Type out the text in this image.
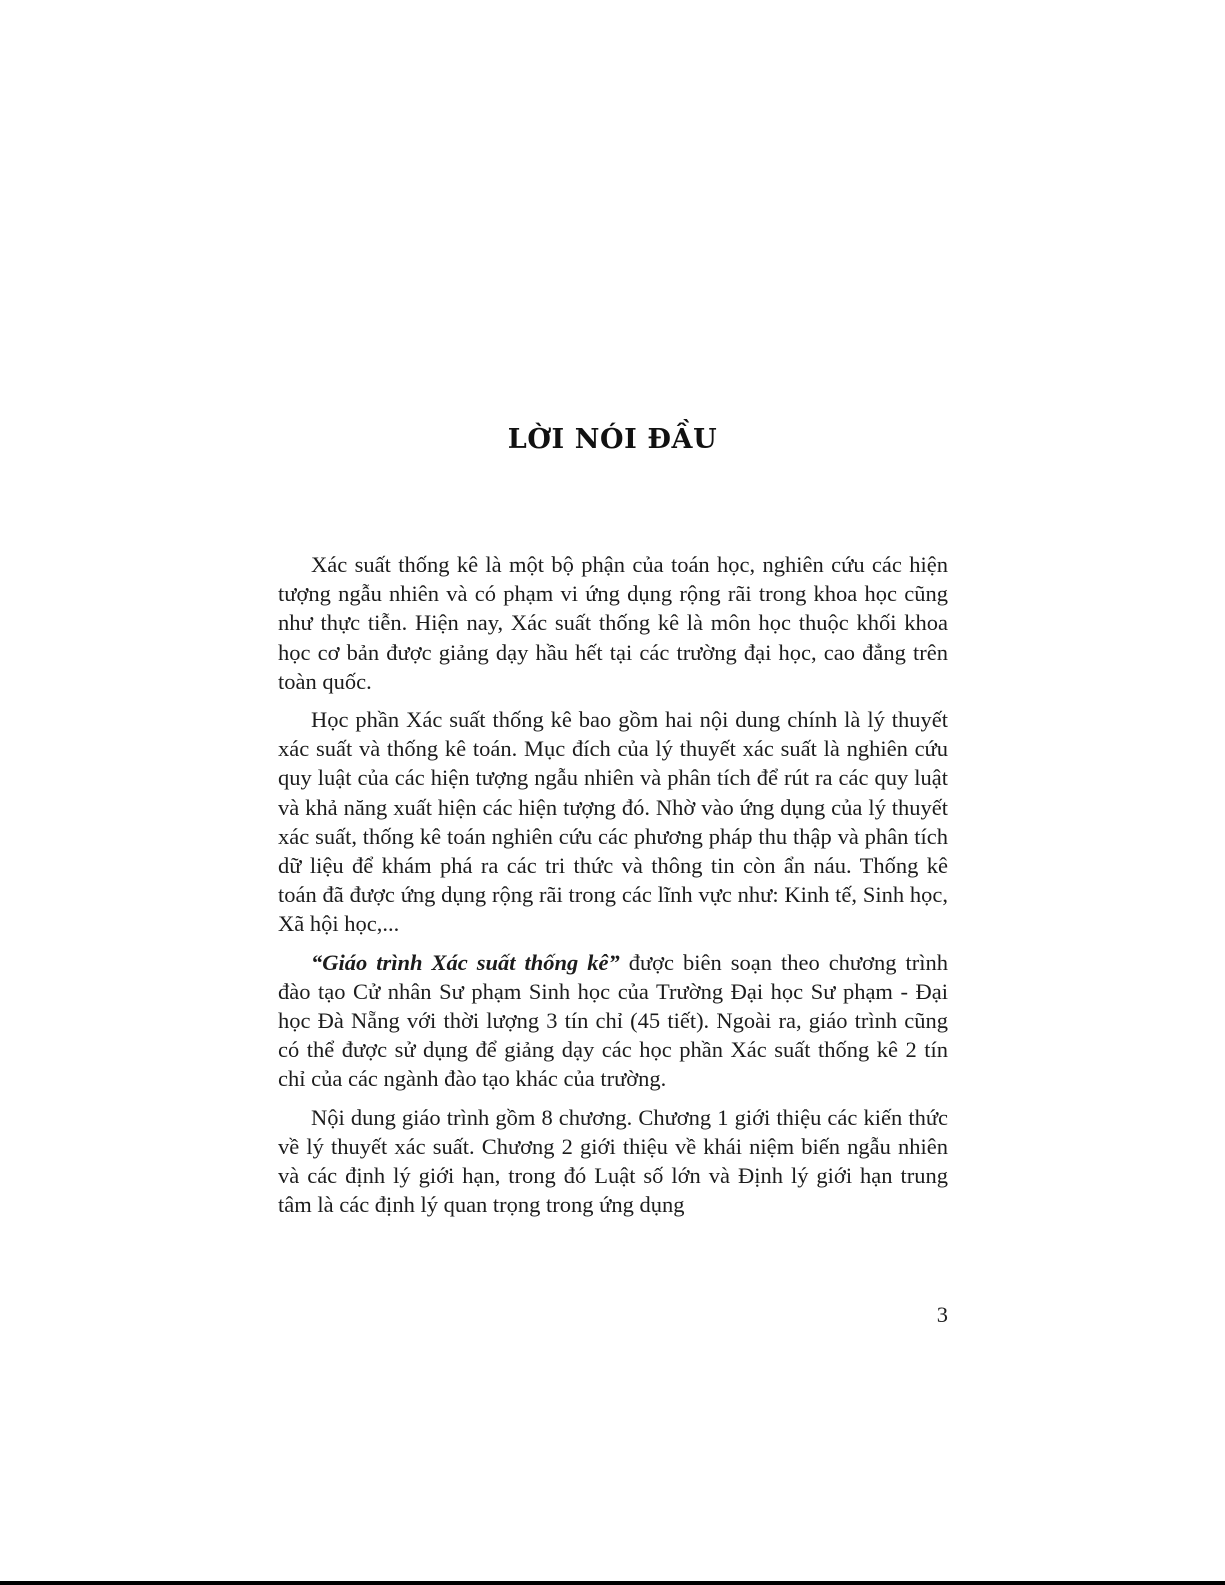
LỜI NÓI ĐẦU

Xác suất thống kê là một bộ phận của toán học, nghiên cứu các hiện tượng ngẫu nhiên và có phạm vi ứng dụng rộng rãi trong khoa học cũng như thực tiễn. Hiện nay, Xác suất thống kê là môn học thuộc khối khoa học cơ bản được giảng dạy hầu hết tại các trường đại học, cao đẳng trên toàn quốc.

Học phần Xác suất thống kê bao gồm hai nội dung chính là lý thuyết xác suất và thống kê toán. Mục đích của lý thuyết xác suất là nghiên cứu quy luật của các hiện tượng ngẫu nhiên và phân tích để rút ra các quy luật và khả năng xuất hiện các hiện tượng đó. Nhờ vào ứng dụng của lý thuyết xác suất, thống kê toán nghiên cứu các phương pháp thu thập và phân tích dữ liệu để khám phá ra các tri thức và thông tin còn ẩn náu. Thống kê toán đã được ứng dụng rộng rãi trong các lĩnh vực như: Kinh tế, Sinh học, Xã hội học,...

“Giáo trình Xác suất thống kê” được biên soạn theo chương trình đào tạo Cử nhân Sư phạm Sinh học của Trường Đại học Sư phạm - Đại học Đà Nẵng với thời lượng 3 tín chỉ (45 tiết). Ngoài ra, giáo trình cũng có thể được sử dụng để giảng dạy các học phần Xác suất thống kê 2 tín chỉ của các ngành đào tạo khác của trường.

Nội dung giáo trình gồm 8 chương. Chương 1 giới thiệu các kiến thức về lý thuyết xác suất. Chương 2 giới thiệu về khái niệm biến ngẫu nhiên và các định lý giới hạn, trong đó Luật số lớn và Định lý giới hạn trung tâm là các định lý quan trọng trong ứng dụng

3
